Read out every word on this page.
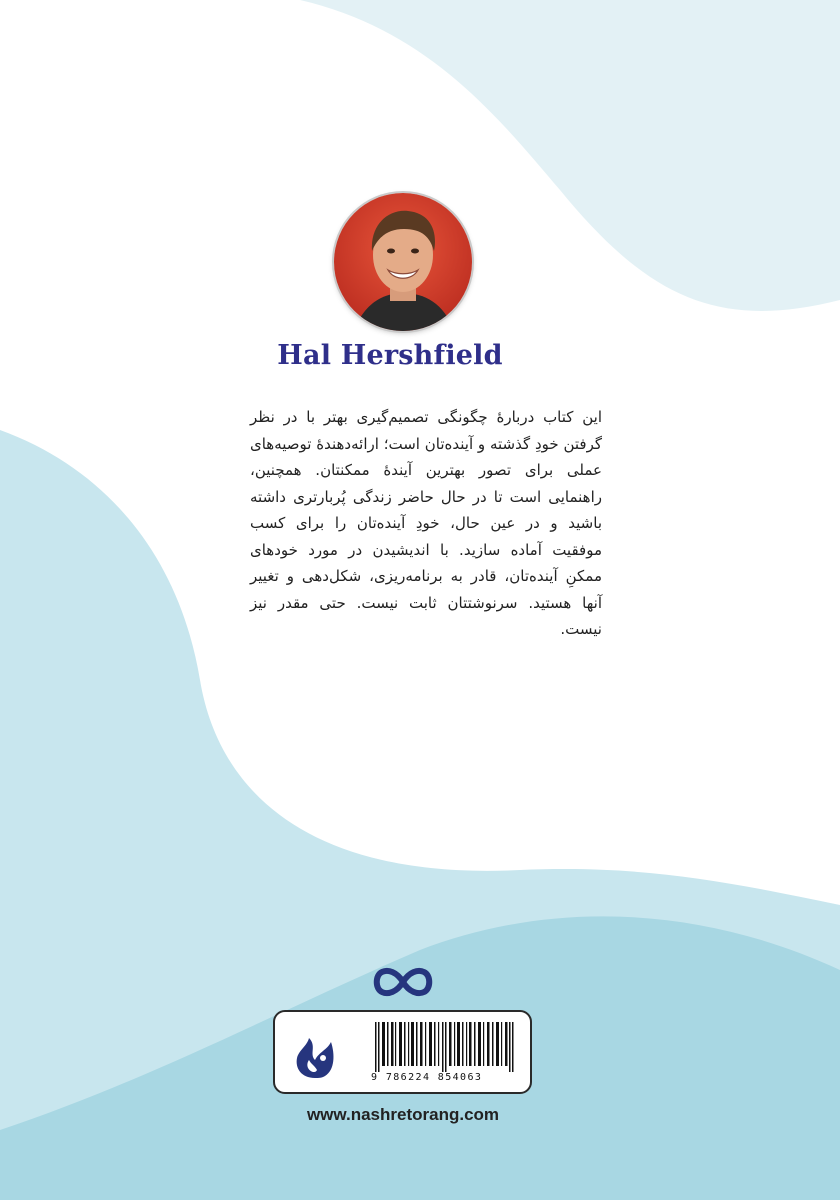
Hal Hershfield
این کتاب دربارهٔ چگونگی تصمیم‌گیری بهتر با در نظر گرفتن خودِ گذشته و آینده‌تان است؛ ارائه‌دهندهٔ توصیه‌های عملی برای تصور بهترین آیندهٔ ممکنتان. همچنین، راهنمایی است تا در حال حاضر زندگی پُربارتری داشته باشید و در عین حال، خودِ آینده‌تان را برای کسب موفقیت آماده سازید. با اندیشیدن در مورد خودهای ممکنِ آینده‌تان، قادر به برنامه‌ریزی، شکل‌دهی و تغییر آنها هستید. سرنوشتتان ثابت نیست. حتی مقدر نیز نیست.
9 786224 854063
www.nashretorang.com
